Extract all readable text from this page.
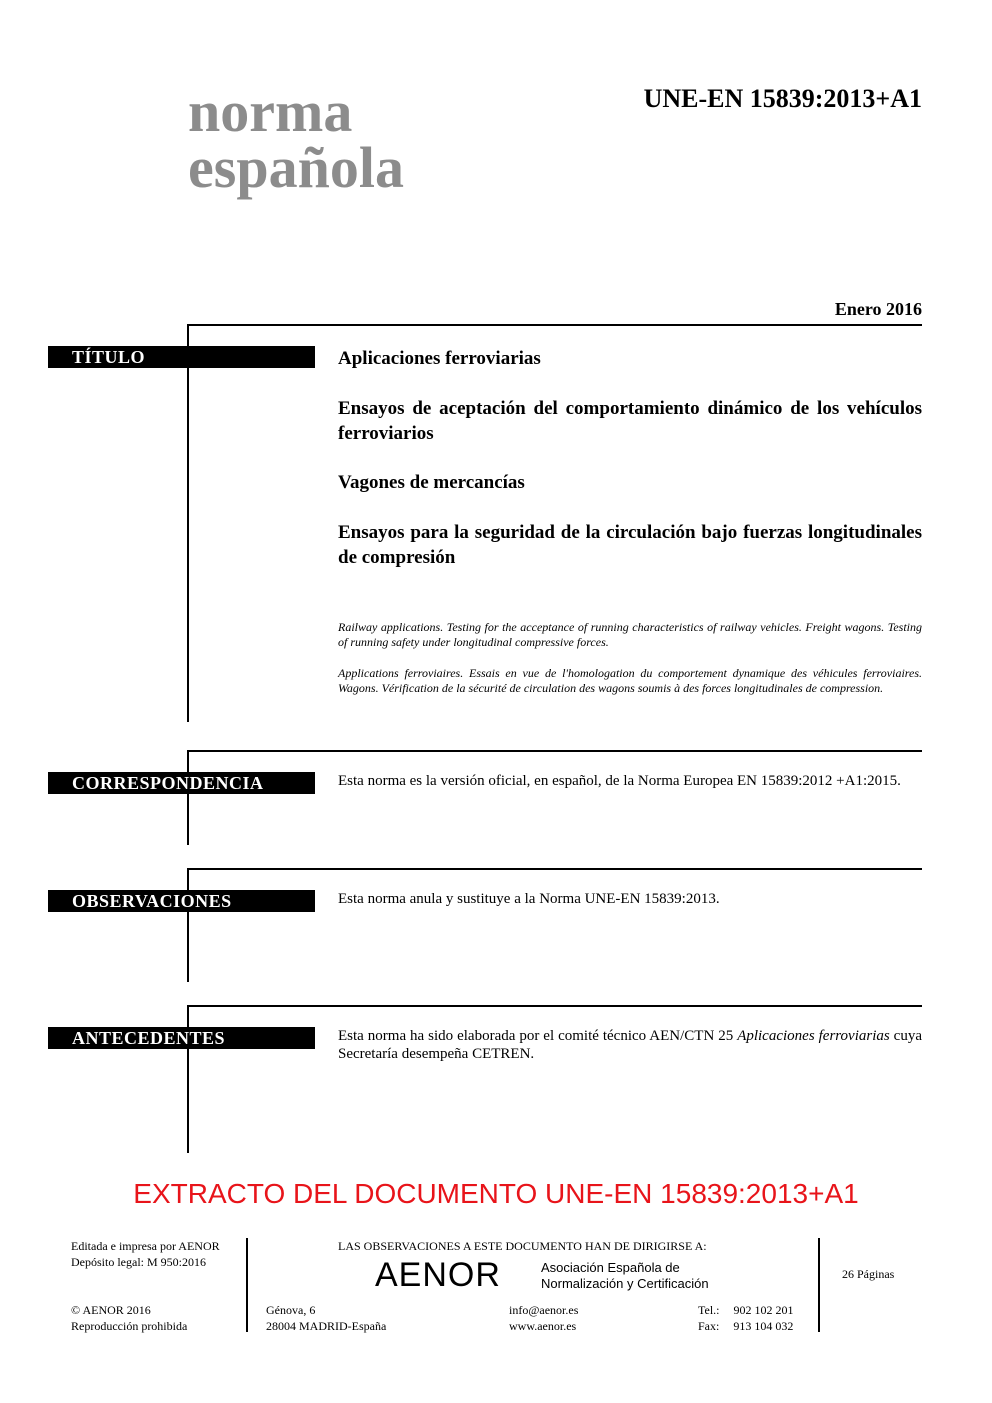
norma
española
UNE-EN 15839:2013+A1
Enero 2016
TÍTULO	Aplicaciones ferroviarias
Ensayos de aceptación del comportamiento dinámico de los vehículos ferroviarios
Vagones de mercancías
Ensayos para la seguridad de la circulación bajo fuerzas longitudinales de compresión
Railway applications. Testing for the acceptance of running characteristics of railway vehicles. Freight wagons. Testing of running safety under longitudinal compressive forces.
Applications ferroviaires. Essais en vue de l'homologation du comportement dynamique des véhicules ferroviaires. Wagons. Vérification de la sécurité de circulation des wagons soumis à des forces longitudinales de compression.
CORRESPONDENCIA	Esta norma es la versión oficial, en español, de la Norma Europea EN 15839:2012 +A1:2015.
OBSERVACIONES	Esta norma anula y sustituye a la Norma UNE-EN 15839:2013.
ANTECEDENTES	Esta norma ha sido elaborada por el comité técnico AEN/CTN 25 Aplicaciones ferroviarias cuya Secretaría desempeña CETREN.
EXTRACTO DEL DOCUMENTO UNE-EN 15839:2013+A1
Editada e impresa por AENOR
Depósito legal: M 950:2016
© AENOR 2016
Reproducción prohibida
LAS OBSERVACIONES A ESTE DOCUMENTO HAN DE DIRIGIRSE A:
AENOR	Asociación Española de
Normalización y Certificación
Génova, 6
28004 MADRID-España
info@aenor.es
www.aenor.es
Tel.: 902 102 201
Fax: 913 104 032
26 Páginas
